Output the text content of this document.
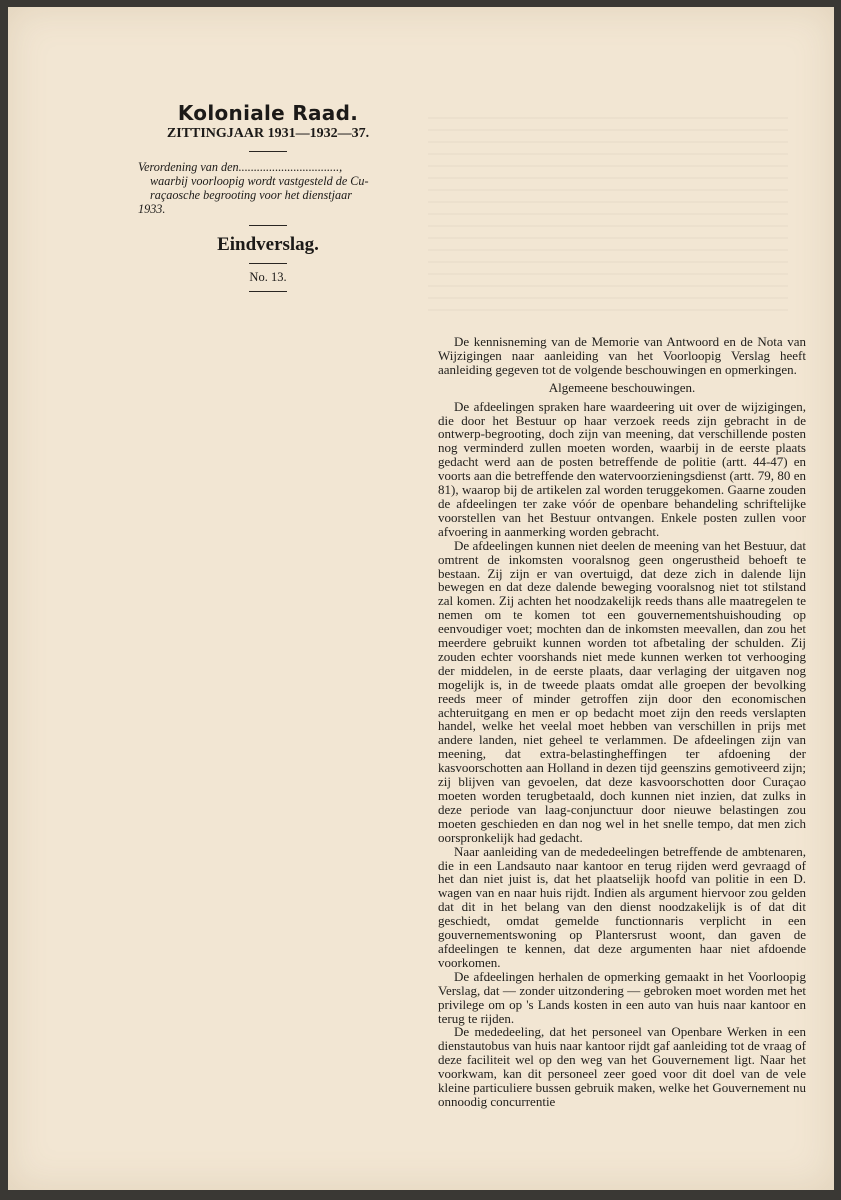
Koloniale Raad.
ZITTINGJAAR 1931—1932—37.
Verordening van den.................................,
waarbij voorloopig wordt vastgesteld de Cu-
raçaosche begrooting voor het dienstjaar
1933.
Eindverslag.
No. 13.

De kennisneming van de Memorie van Antwoord en de Nota van Wijzigingen naar aanleiding van het Voorloopig Verslag heeft aanleiding gegeven tot de volgende beschouwingen en opmerkingen.

Algemeene beschouwingen.

De afdeelingen spraken hare waardeering uit over de wijzigingen, die door het Bestuur op haar verzoek reeds zijn gebracht in de ontwerp-begrooting, doch zijn van meening, dat verschillende posten nog verminderd zullen moeten worden, waarbij in de eerste plaats gedacht werd aan de posten betreffende de politie (artt. 44-47) en voorts aan die betreffende den watervoorzieningsdienst (artt. 79, 80 en 81), waarop bij de artikelen zal worden teruggekomen. Gaarne zouden de afdeelingen ter zake vóór de openbare behandeling schriftelijke voorstellen van het Bestuur ontvangen. Enkele posten zullen voor afvoering in aanmerking worden gebracht.

De afdeelingen kunnen niet deelen de meening van het Bestuur, dat omtrent de inkomsten vooralsnog geen ongerustheid behoeft te bestaan. Zij zijn er van overtuigd, dat deze zich in dalende lijn bewegen en dat deze dalende beweging vooralsnog niet tot stilstand zal komen. Zij achten het noodzakelijk reeds thans alle maatregelen te nemen om te komen tot een gouvernementshuishouding op eenvoudiger voet; mochten dan de inkomsten meevallen, dan zou het meerdere gebruikt kunnen worden tot afbetaling der schulden. Zij zouden echter voorshands niet mede kunnen werken tot verhooging der middelen, in de eerste plaats, daar verlaging der uitgaven nog mogelijk is, in de tweede plaats omdat alle groepen der bevolking reeds meer of minder getroffen zijn door den economischen achteruitgang en men er op bedacht moet zijn den reeds verslapten handel, welke het veelal moet hebben van verschillen in prijs met andere landen, niet geheel te verlammen. De afdeelingen zijn van meening, dat extra-belastingheffingen ter afdoening der kasvoorschotten aan Holland in dezen tijd geenszins gemotiveerd zijn; zij blijven van gevoelen, dat deze kasvoorschotten door Curaçao moeten worden terugbetaald, doch kunnen niet inzien, dat zulks in deze periode van laag-conjunctuur door nieuwe belastingen zou moeten geschieden en dan nog wel in het snelle tempo, dat men zich oorspronkelijk had gedacht.

Naar aanleiding van de mededeelingen betreffende de ambtenaren, die in een Landsauto naar kantoor en terug rijden werd gevraagd of het dan niet juist is, dat het plaatselijk hoofd van politie in een D. wagen van en naar huis rijdt. Indien als argument hiervoor zou gelden dat dit in het belang van den dienst noodzakelijk is of dat dit geschiedt, omdat gemelde functionnaris verplicht in een gouvernementswoning op Plantersrust woont, dan gaven de afdeelingen te kennen, dat deze argumenten haar niet afdoende voorkomen.

De afdeelingen herhalen de opmerking gemaakt in het Voorloopig Verslag, dat — zonder uitzondering — gebroken moet worden met het privilege om op 's Lands kosten in een auto van huis naar kantoor en terug te rijden.

De mededeeling, dat het personeel van Openbare Werken in een dienstautobus van huis naar kantoor rijdt gaf aanleiding tot de vraag of deze faciliteit wel op den weg van het Gouvernement ligt. Naar het voorkwam, kan dit personeel zeer goed voor dit doel van de vele kleine particuliere bussen gebruik maken, welke het Gouvernement nu onnoodig concurrentie
